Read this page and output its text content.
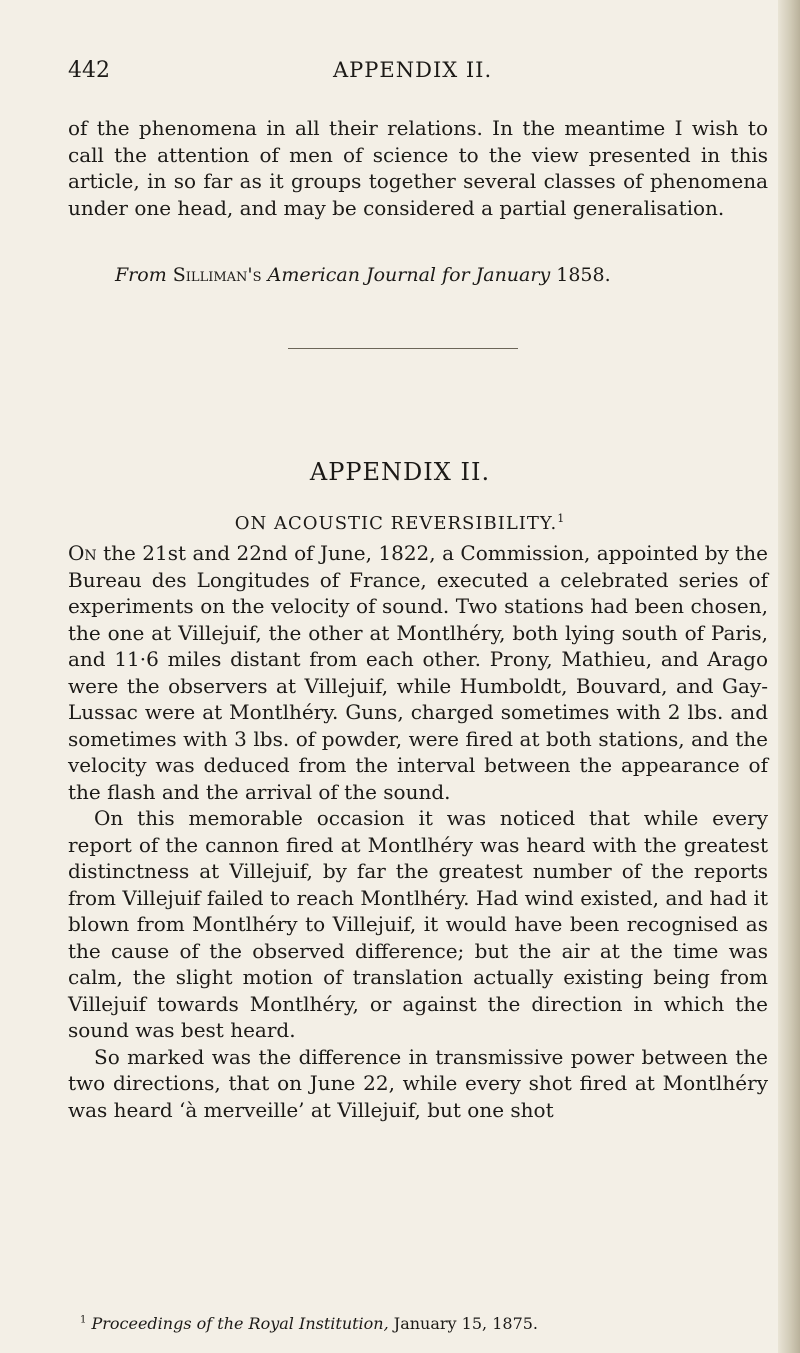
442	APPENDIX II.

of the phenomena in all their relations. In the meantime I wish to call the attention of men of science to the view presented in this article, in so far as it groups together several classes of phenomena under one head, and may be considered a partial generalisation.

From Silliman's American Journal for January 1858.
APPENDIX II.
ON ACOUSTIC REVERSIBILITY.$^1$

On the 21st and 22nd of June, 1822, a Commission, appointed by the Bureau des Longitudes of France, executed a celebrated series of experiments on the velocity of sound. Two stations had been chosen, the one at Villejuif, the other at Montlhéry, both lying south of Paris, and 11·6 miles distant from each other. Prony, Mathieu, and Arago were the observers at Villejuif, while Humboldt, Bouvard, and Gay-Lussac were at Montlhéry. Guns, charged sometimes with 2 lbs. and sometimes with 3 lbs. of powder, were fired at both stations, and the velocity was deduced from the interval between the appearance of the flash and the arrival of the sound.

On this memorable occasion it was noticed that while every report of the cannon fired at Montlhéry was heard with the greatest distinctness at Villejuif, by far the greatest number of the reports from Villejuif failed to reach Montlhéry. Had wind existed, and had it blown from Montlhéry to Villejuif, it would have been recognised as the cause of the observed difference; but the air at the time was calm, the slight motion of translation actually existing being from Villejuif towards Montlhéry, or against the direction in which the sound was best heard.

So marked was the difference in transmissive power between the two directions, that on June 22, while every shot fired at Montlhéry was heard ‘à merveille’ at Villejuif, but one shot

$^1$ Proceedings of the Royal Institution, January 15, 1875.
